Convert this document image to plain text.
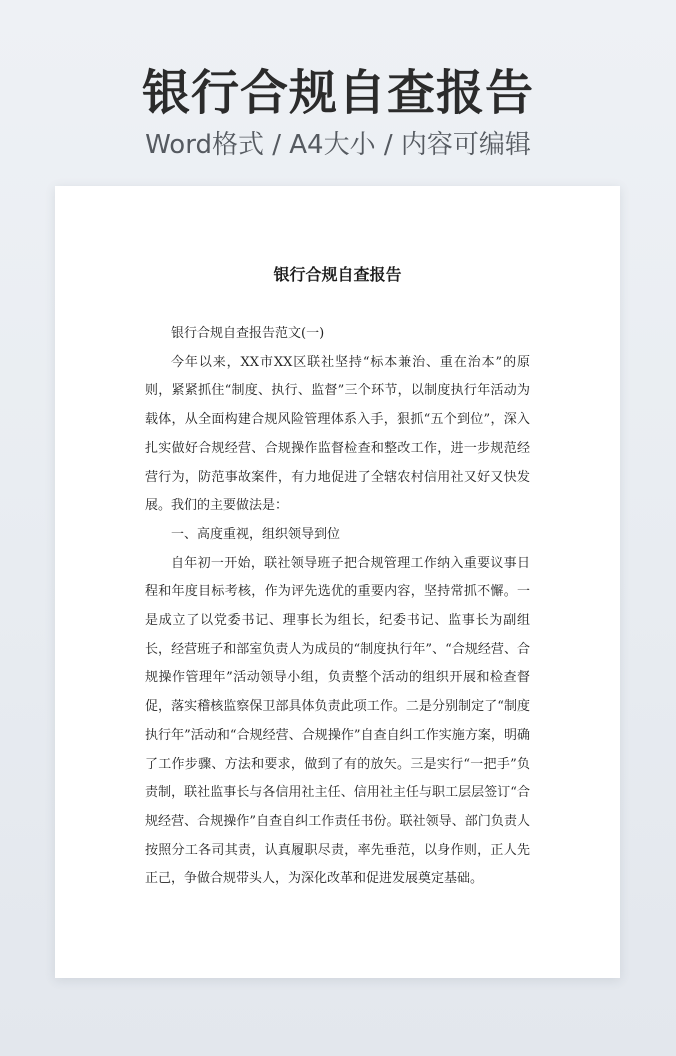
银行合规自查报告
Word格式 / A4大小 / 内容可编辑
银行合规自查报告

银行合规自查报告范文(一)

今年以来，XX市XX区联社坚持“标本兼治、重在治本”的原则，紧紧抓住“制度、执行、监督”三个环节，以制度执行年活动为载体，从全面构建合规风险管理体系入手，狠抓“五个到位”，深入扎实做好合规经营、合规操作监督检查和整改工作，进一步规范经营行为，防范事故案件，有力地促进了全辖农村信用社又好又快发展。我们的主要做法是：

一、高度重视，组织领导到位

自年初一开始，联社领导班子把合规管理工作纳入重要议事日程和年度目标考核，作为评先选优的重要内容，坚持常抓不懈。一是成立了以党委书记、理事长为组长，纪委书记、监事长为副组长，经营班子和部室负责人为成员的“制度执行年”、“合规经营、合规操作管理年”活动领导小组，负责整个活动的组织开展和检查督促，落实稽核监察保卫部具体负责此项工作。二是分别制定了“制度执行年”活动和“合规经营、合规操作”自查自纠工作实施方案，明确了工作步骤、方法和要求，做到了有的放矢。三是实行“一把手”负责制，联社监事长与各信用社主任、信用社主任与职工层层签订“合规经营、合规操作”自查自纠工作责任书份。联社领导、部门负责人按照分工各司其责，认真履职尽责，率先垂范，以身作则，正人先正己，争做合规带头人，为深化改革和促进发展奠定基础。
